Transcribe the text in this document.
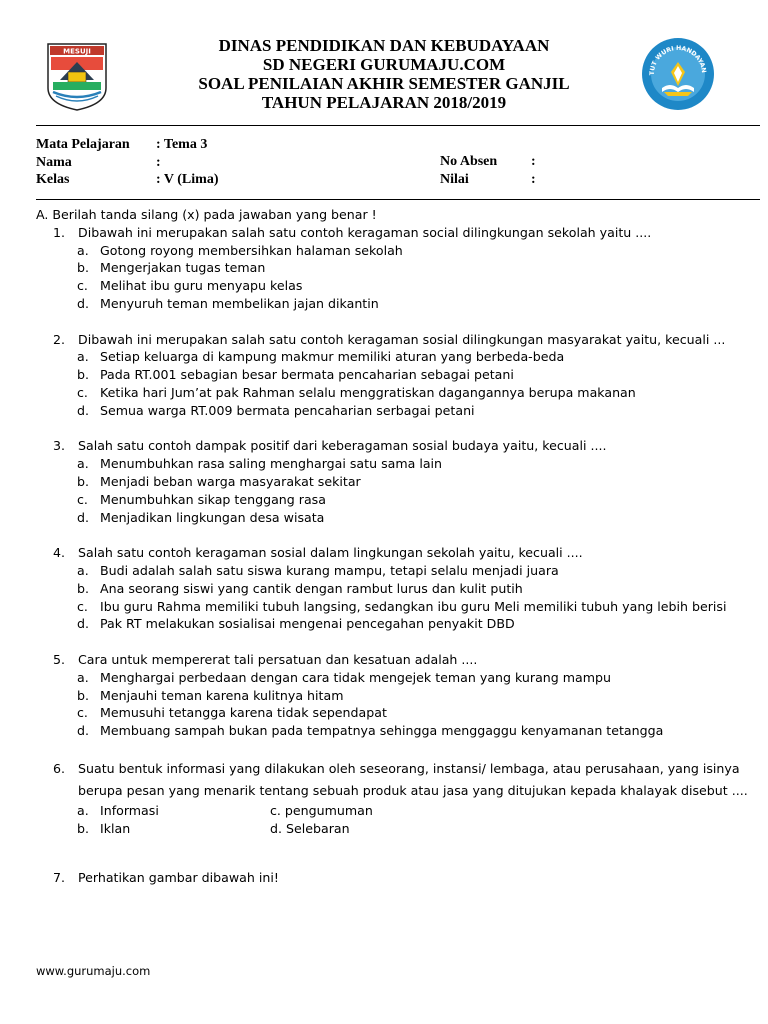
MESUJI	DINAS PENDIDIKAN DAN KEBUDAYAAN
SD NEGERI GURUMAJU.COM
SOAL PENILAIAN AKHIR SEMESTER GANJIL
TAHUN PELAJARAN 2018/2019
TUT WURI HANDAYAN
Mata Pelajaran : Tema 3
Nama	:
Kelas	: V (Lima)
No Absen :
Nilai	:
A. Berilah tanda silang (x) pada jawaban yang benar !
1. Dibawah ini merupakan salah satu contoh keragaman social dilingkungan sekolah yaitu ....
a. Gotong royong membersihkan halaman sekolah
b. Mengerjakan tugas teman
c. Melihat ibu guru menyapu kelas
d. Menyuruh teman membelikan jajan dikantin
2. Dibawah ini merupakan salah satu contoh keragaman sosial dilingkungan masyarakat yaitu, kecuali ...
a. Setiap keluarga di kampung makmur memiliki aturan yang berbeda-beda
b. Pada RT.001 sebagian besar bermata pencaharian sebagai petani
c. Ketika hari Jum’at pak Rahman selalu menggratiskan dagangannya berupa makanan
d. Semua warga RT.009 bermata pencaharian serbagai petani
3. Salah satu contoh dampak positif dari keberagaman sosial budaya yaitu, kecuali ....
a. Menumbuhkan rasa saling menghargai satu sama lain
b. Menjadi beban warga masyarakat sekitar
c. Menumbuhkan sikap tenggang rasa
d. Menjadikan lingkungan desa wisata
4. Salah satu contoh keragaman sosial dalam lingkungan sekolah yaitu, kecuali ....
a. Budi adalah salah satu siswa kurang mampu, tetapi selalu menjadi juara
b. Ana seorang siswi yang cantik dengan rambut lurus dan kulit putih
c. Ibu guru Rahma memiliki tubuh langsing, sedangkan ibu guru Meli memiliki tubuh yang lebih berisi
d. Pak RT melakukan sosialisai mengenai pencegahan penyakit DBD
5. Cara untuk mempererat tali persatuan dan kesatuan adalah ....
a. Menghargai perbedaan dengan cara tidak mengejek teman yang kurang mampu
b. Menjauhi teman karena kulitnya hitam
c. Memusuhi tetangga karena tidak sependapat
d. Membuang sampah bukan pada tempatnya sehingga menggaggu kenyamanan tetangga
6. Suatu bentuk informasi yang dilakukan oleh seseorang, instansi/ lembaga, atau perusahaan, yang isinya
berupa pesan yang menarik tentang sebuah produk atau jasa yang ditujukan kepada khalayak disebut ....
a. Informasi	c. pengumuman
b. Iklan	d. Selebaran
7. Perhatikan gambar dibawah ini!
www.gurumaju.com
